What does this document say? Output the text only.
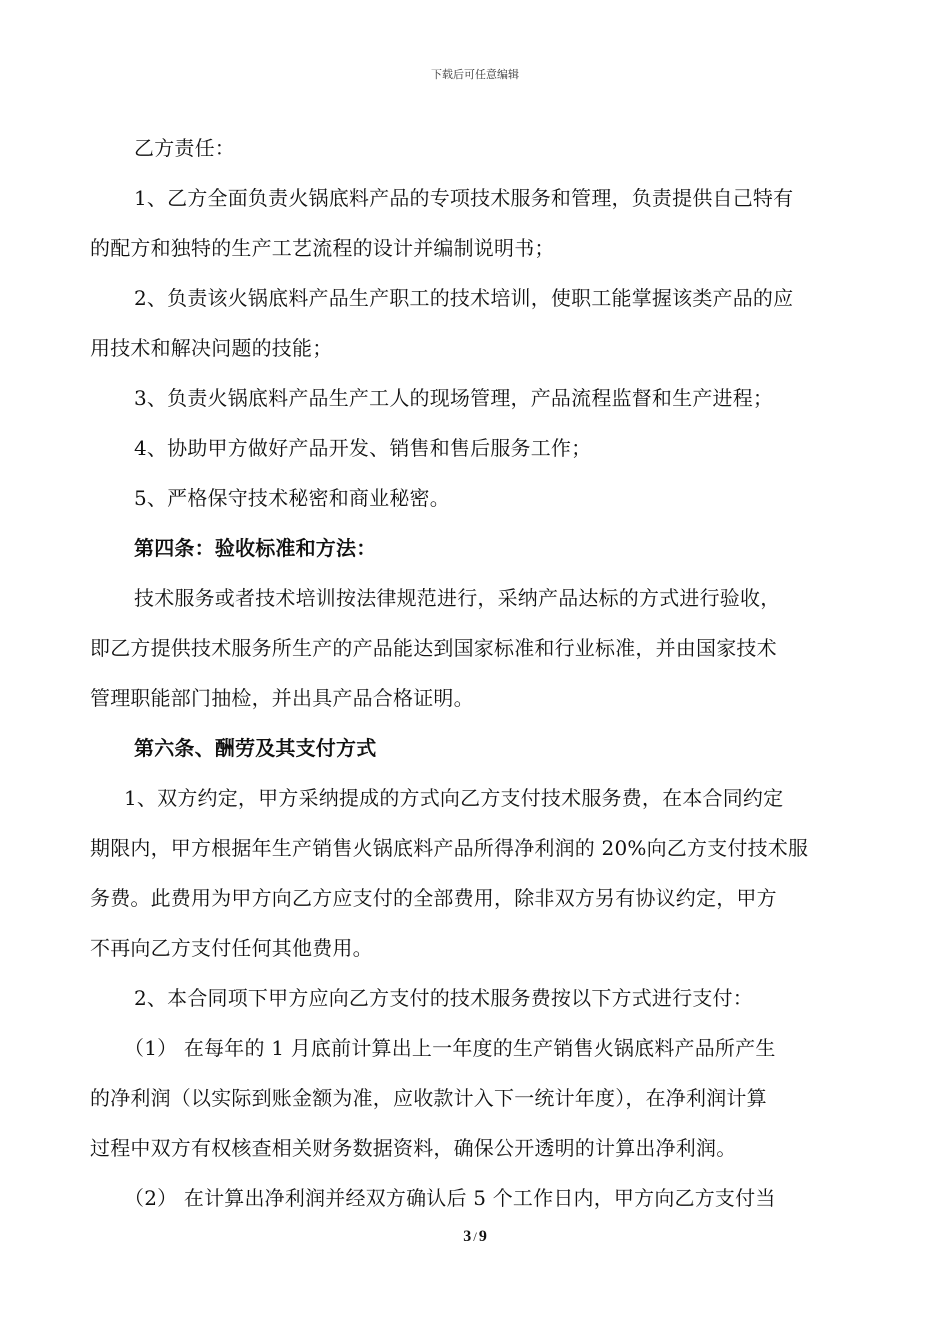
下载后可任意编辑
乙方责任：
1、乙方全面负责火锅底料产品的专项技术服务和管理，负责提供自己特有
的配方和独特的生产工艺流程的设计并编制说明书；
2、负责该火锅底料产品生产职工的技术培训，使职工能掌握该类产品的应
用技术和解决问题的技能；
3、负责火锅底料产品生产工人的现场管理，产品流程监督和生产进程；
4、协助甲方做好产品开发、销售和售后服务工作；
5、严格保守技术秘密和商业秘密。
第四条：验收标准和方法：
技术服务或者技术培训按法律规范进行，采纳产品达标的方式进行验收，
即乙方提供技术服务所生产的产品能达到国家标准和行业标准，并由国家技术
管理职能部门抽检，并出具产品合格证明。
第六条、酬劳及其支付方式
1、双方约定，甲方采纳提成的方式向乙方支付技术服务费，在本合同约定
期限内，甲方根据年生产销售火锅底料产品所得净利润的 20%向乙方支付技术服
务费。此费用为甲方向乙方应支付的全部费用，除非双方另有协议约定，甲方
不再向乙方支付任何其他费用。
2、本合同项下甲方应向乙方支付的技术服务费按以下方式进行支付：
（1） 在每年的 1 月底前计算出上一年度的生产销售火锅底料产品所产生
的净利润（以实际到账金额为准，应收款计入下一统计年度），在净利润计算
过程中双方有权核查相关财务数据资料，确保公开透明的计算出净利润。
（2） 在计算出净利润并经双方确认后 5 个工作日内，甲方向乙方支付当
3 / 9
